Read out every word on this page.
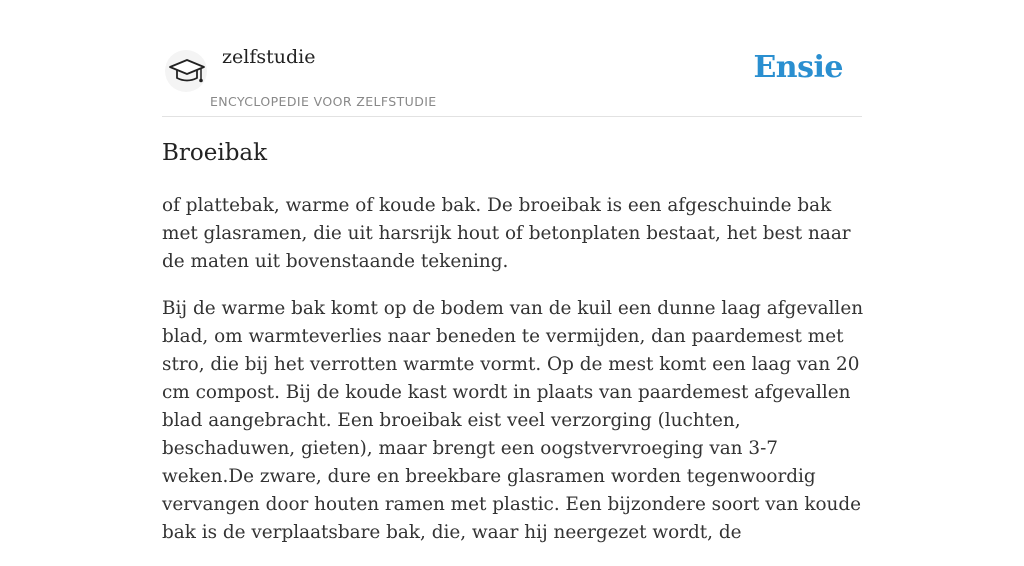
zelfstudie
ENCYCLOPEDIE VOOR ZELFSTUDIE
Ensie
Broeibak

of plattebak, warme of koude bak. De broeibak is een afgeschuinde bak met glasramen, die uit harsrijk hout of betonplaten bestaat, het best naar de maten uit bovenstaande tekening.

Bij de warme bak komt op de bodem van de kuil een dunne laag afgevallen blad, om warmteverlies naar beneden te vermijden, dan paardemest met stro, die bij het verrotten warmte vormt. Op de mest komt een laag van 20 cm compost. Bij de koude kast wordt in plaats van paardemest afgevallen blad aangebracht. Een broeibak eist veel verzorging (luchten, beschaduwen, gieten), maar brengt een oogstvervroeging van 3-7 weken.De zware, dure en breekbare glasramen worden tegenwoordig vervangen door houten ramen met plastic. Een bijzondere soort van koude bak is de verplaatsbare bak, die, waar hij neergezet wordt, de
